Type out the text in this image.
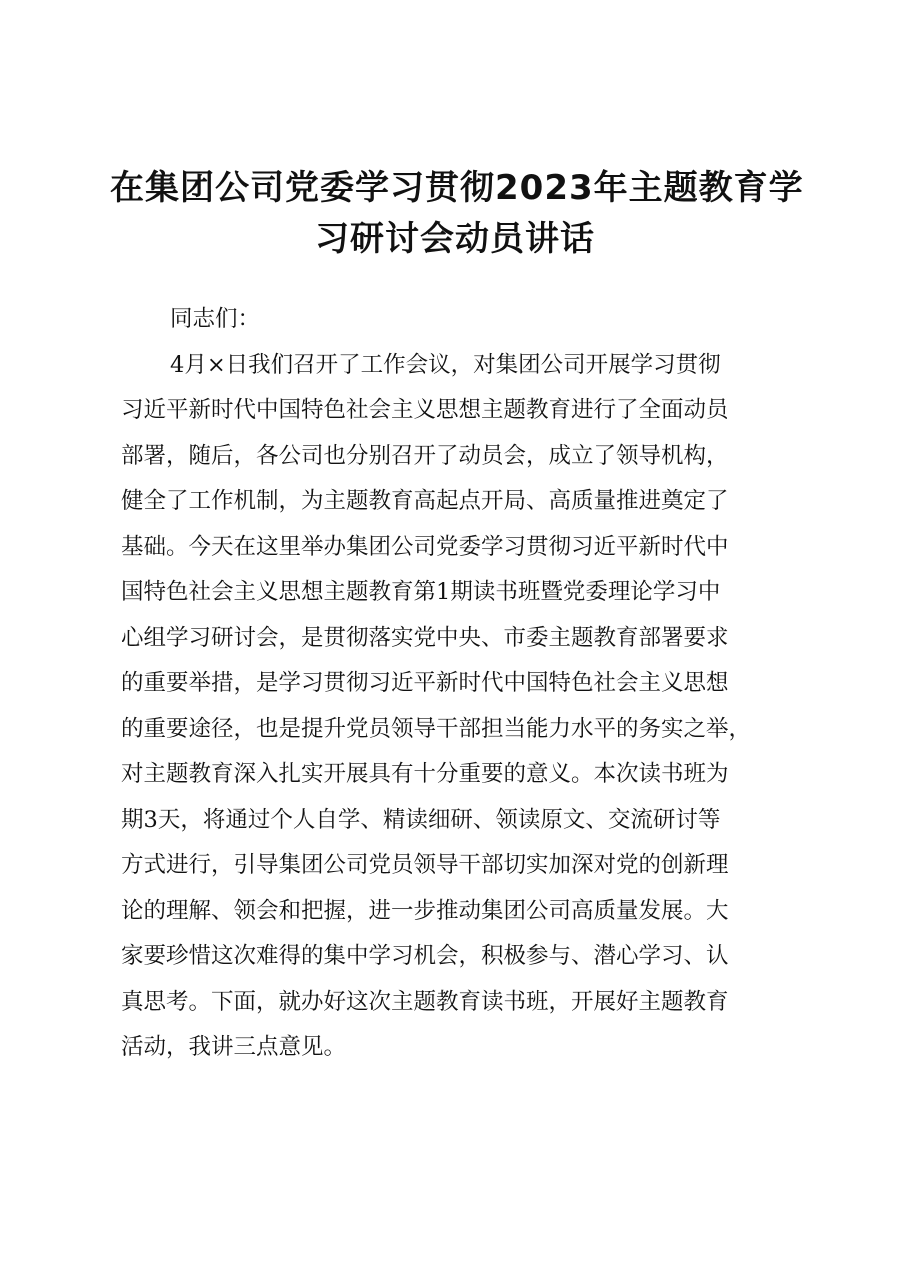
在集团公司党委学习贯彻2023年主题教育学
习研讨会动员讲话
同志们：
4月×日我们召开了工作会议，对集团公司开展学习贯彻
习近平新时代中国特色社会主义思想主题教育进行了全面动员
部署，随后，各公司也分别召开了动员会，成立了领导机构，
健全了工作机制，为主题教育高起点开局、高质量推进奠定了
基础。今天在这里举办集团公司党委学习贯彻习近平新时代中
国特色社会主义思想主题教育第1期读书班暨党委理论学习中
心组学习研讨会，是贯彻落实党中央、市委主题教育部署要求
的重要举措，是学习贯彻习近平新时代中国特色社会主义思想
的重要途径，也是提升党员领导干部担当能力水平的务实之举，
对主题教育深入扎实开展具有十分重要的意义。本次读书班为
期3天，将通过个人自学、精读细研、领读原文、交流研讨等
方式进行，引导集团公司党员领导干部切实加深对党的创新理
论的理解、领会和把握，进一步推动集团公司高质量发展。大
家要珍惜这次难得的集中学习机会，积极参与、潜心学习、认
真思考。下面，就办好这次主题教育读书班，开展好主题教育
活动，我讲三点意见。
